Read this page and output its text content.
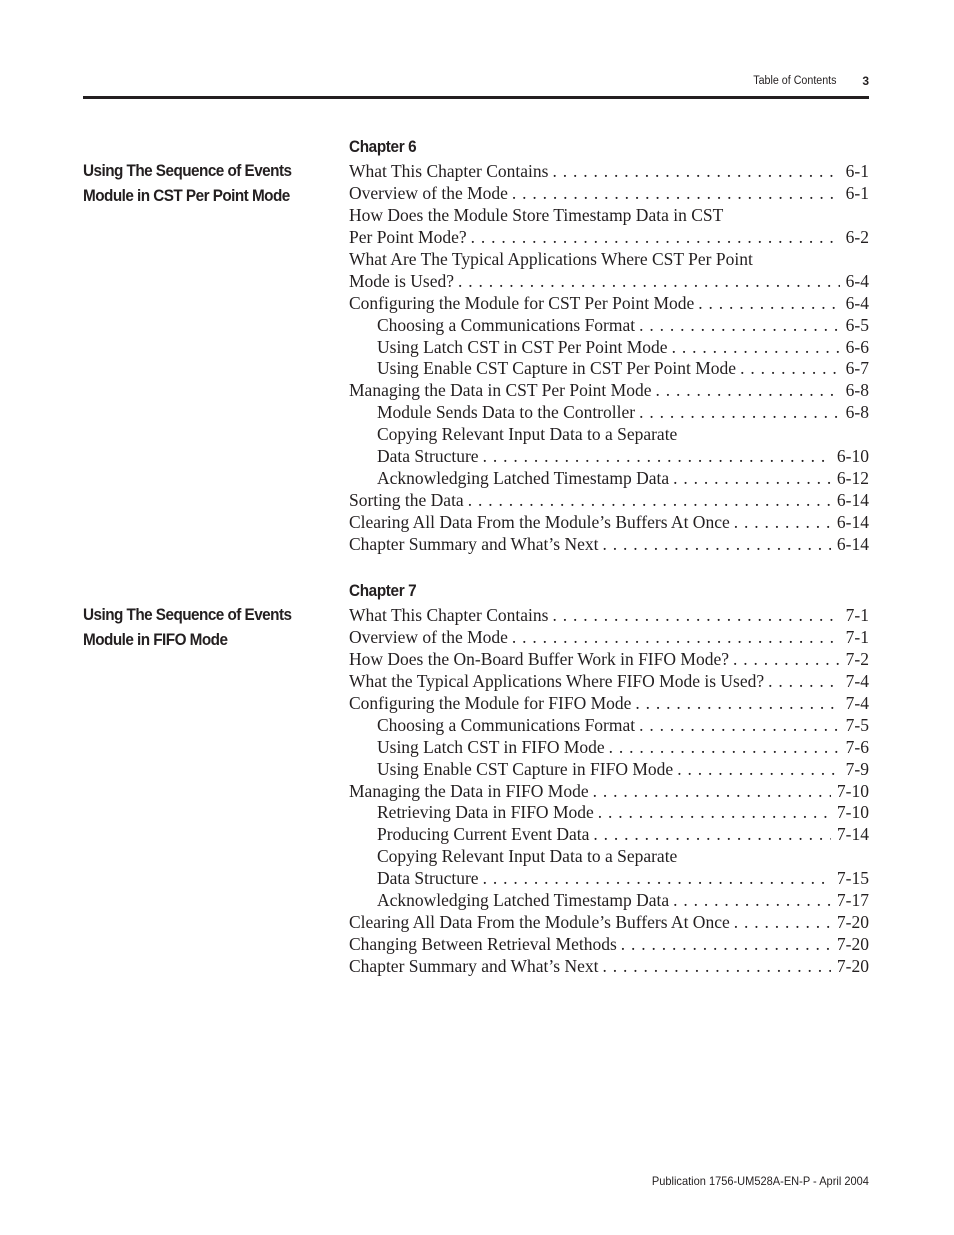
Table of Contents 3
Using The Sequence of Events
Module in CST Per Point Mode
Chapter 6
What This Chapter Contains . . .	6-1
Overview of the Mode . . .	6-1
How Does the Module Store Timestamp Data in CST
Per Point Mode? . . .	6-2
What Are The Typical Applications Where CST Per Point
Mode is Used? . . .	6-4
Configuring the Module for CST Per Point Mode . . .	6-4
Choosing a Communications Format . . .	6-5
Using Latch CST in CST Per Point Mode . . .	6-6
Using Enable CST Capture in CST Per Point Mode . . .	6-7
Managing the Data in CST Per Point Mode . . .	6-8
Module Sends Data to the Controller . . .	6-8
Copying Relevant Input Data to a Separate
Data Structure . . .	6-10
Acknowledging Latched Timestamp Data . . .	6-12
Sorting the Data . . .	6-14
Clearing All Data From the Module’s Buffers At Once . . .	6-14
Chapter Summary and What’s Next . . .	6-14
Using The Sequence of Events
Module in FIFO Mode
Chapter 7
What This Chapter Contains . . .	7-1
Overview of the Mode . . .	7-1
How Does the On-Board Buffer Work in FIFO Mode? . . .	7-2
What the Typical Applications Where FIFO Mode is Used? . . .	7-4
Configuring the Module for FIFO Mode . . .	7-4
Choosing a Communications Format . . .	7-5
Using Latch CST in FIFO Mode . . .	7-6
Using Enable CST Capture in FIFO Mode . . .	7-9
Managing the Data in FIFO Mode . . .	7-10
Retrieving Data in FIFO Mode . . .	7-10
Producing Current Event Data . . .	7-14
Copying Relevant Input Data to a Separate
Data Structure . . .	7-15
Acknowledging Latched Timestamp Data . . .	7-17
Clearing All Data From the Module’s Buffers At Once . . .	7-20
Changing Between Retrieval Methods . . .	7-20
Chapter Summary and What’s Next . . .	7-20
Publication 1756-UM528A-EN-P - April 2004
